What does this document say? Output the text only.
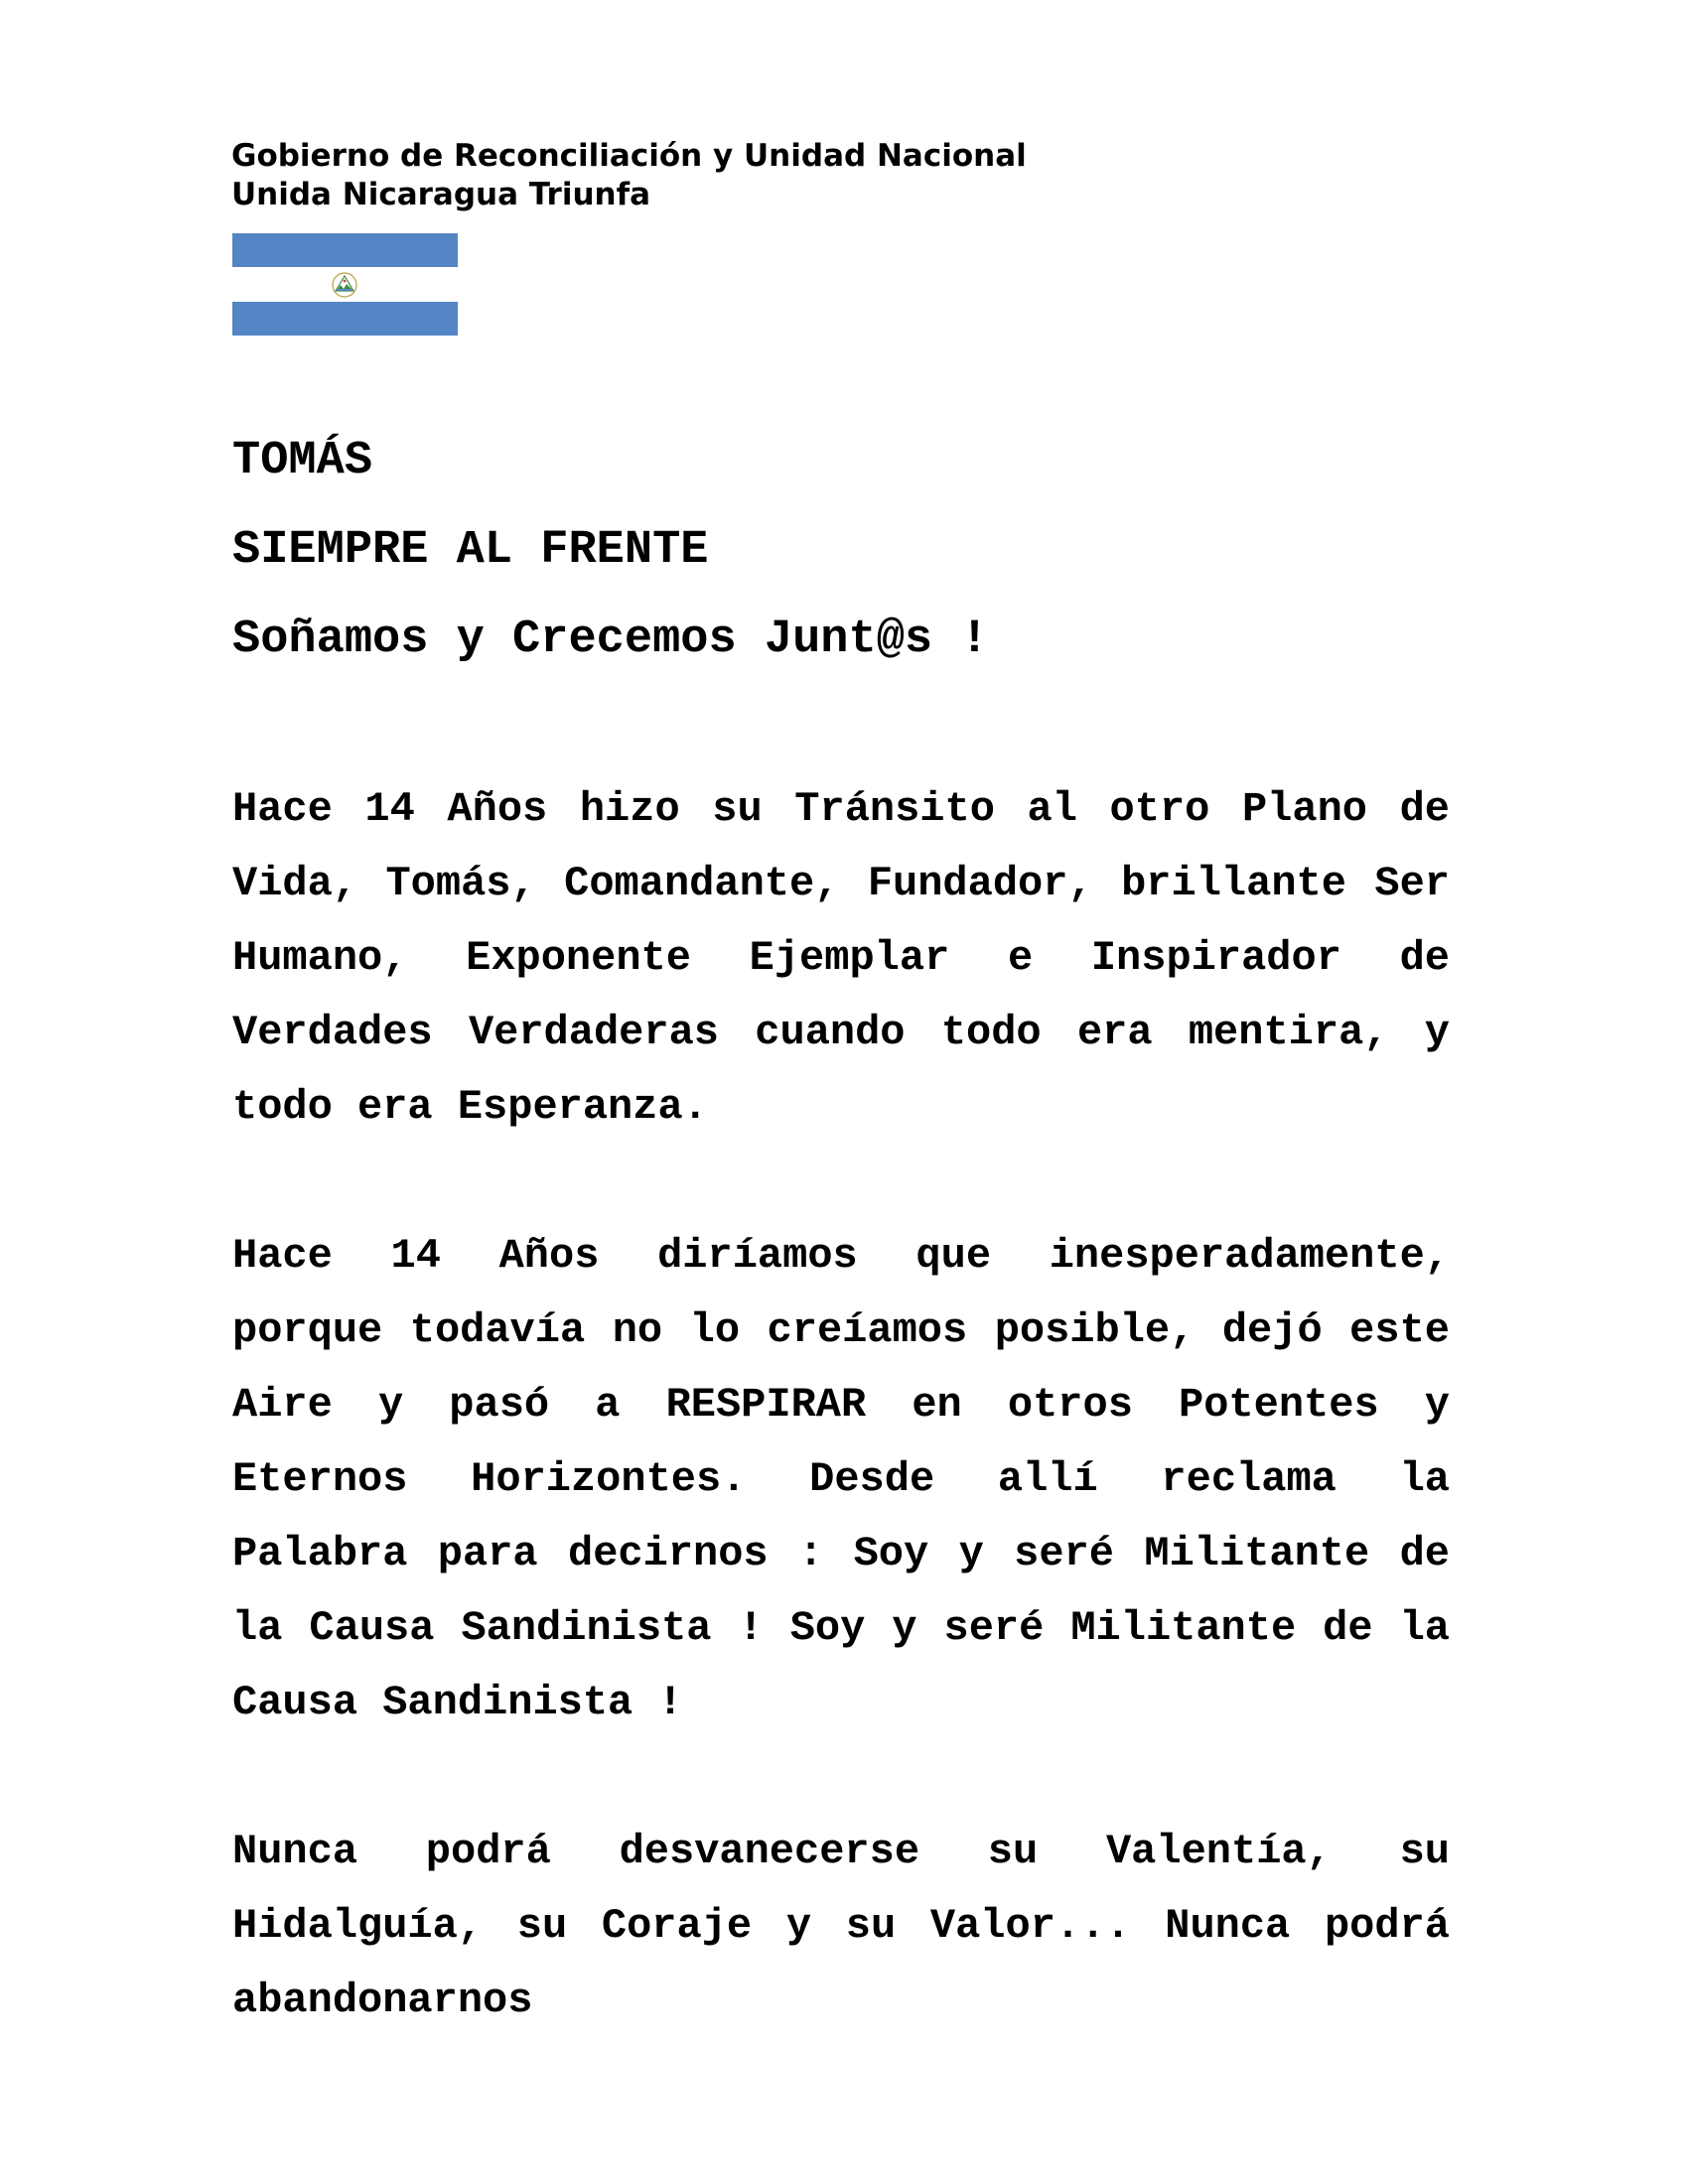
Gobierno de Reconciliación y Unidad Nacional
Unida Nicaragua Triunfa
TOMÁS
SIEMPRE AL FRENTE
Soñamos y Crecemos Junt@s !

Hace 14 Años hizo su Tránsito al otro Plano de Vida, Tomás, Comandante, Fundador, brillante Ser Humano, Exponente Ejemplar e Inspirador de Verdades Verdaderas cuando todo era mentira, y todo era Esperanza.

Hace 14 Años diríamos que inesperadamente, porque todavía no lo creíamos posible, dejó este Aire y pasó a RESPIRAR en otros Potentes y Eternos Horizontes. Desde allí reclama la Palabra para decirnos : Soy y seré Militante de la Causa Sandinista ! Soy y seré Militante de la Causa Sandinista !

Nunca podrá desvanecerse su Valentía, su Hidalguía, su Coraje y su Valor... Nunca podrá abandonarnos
